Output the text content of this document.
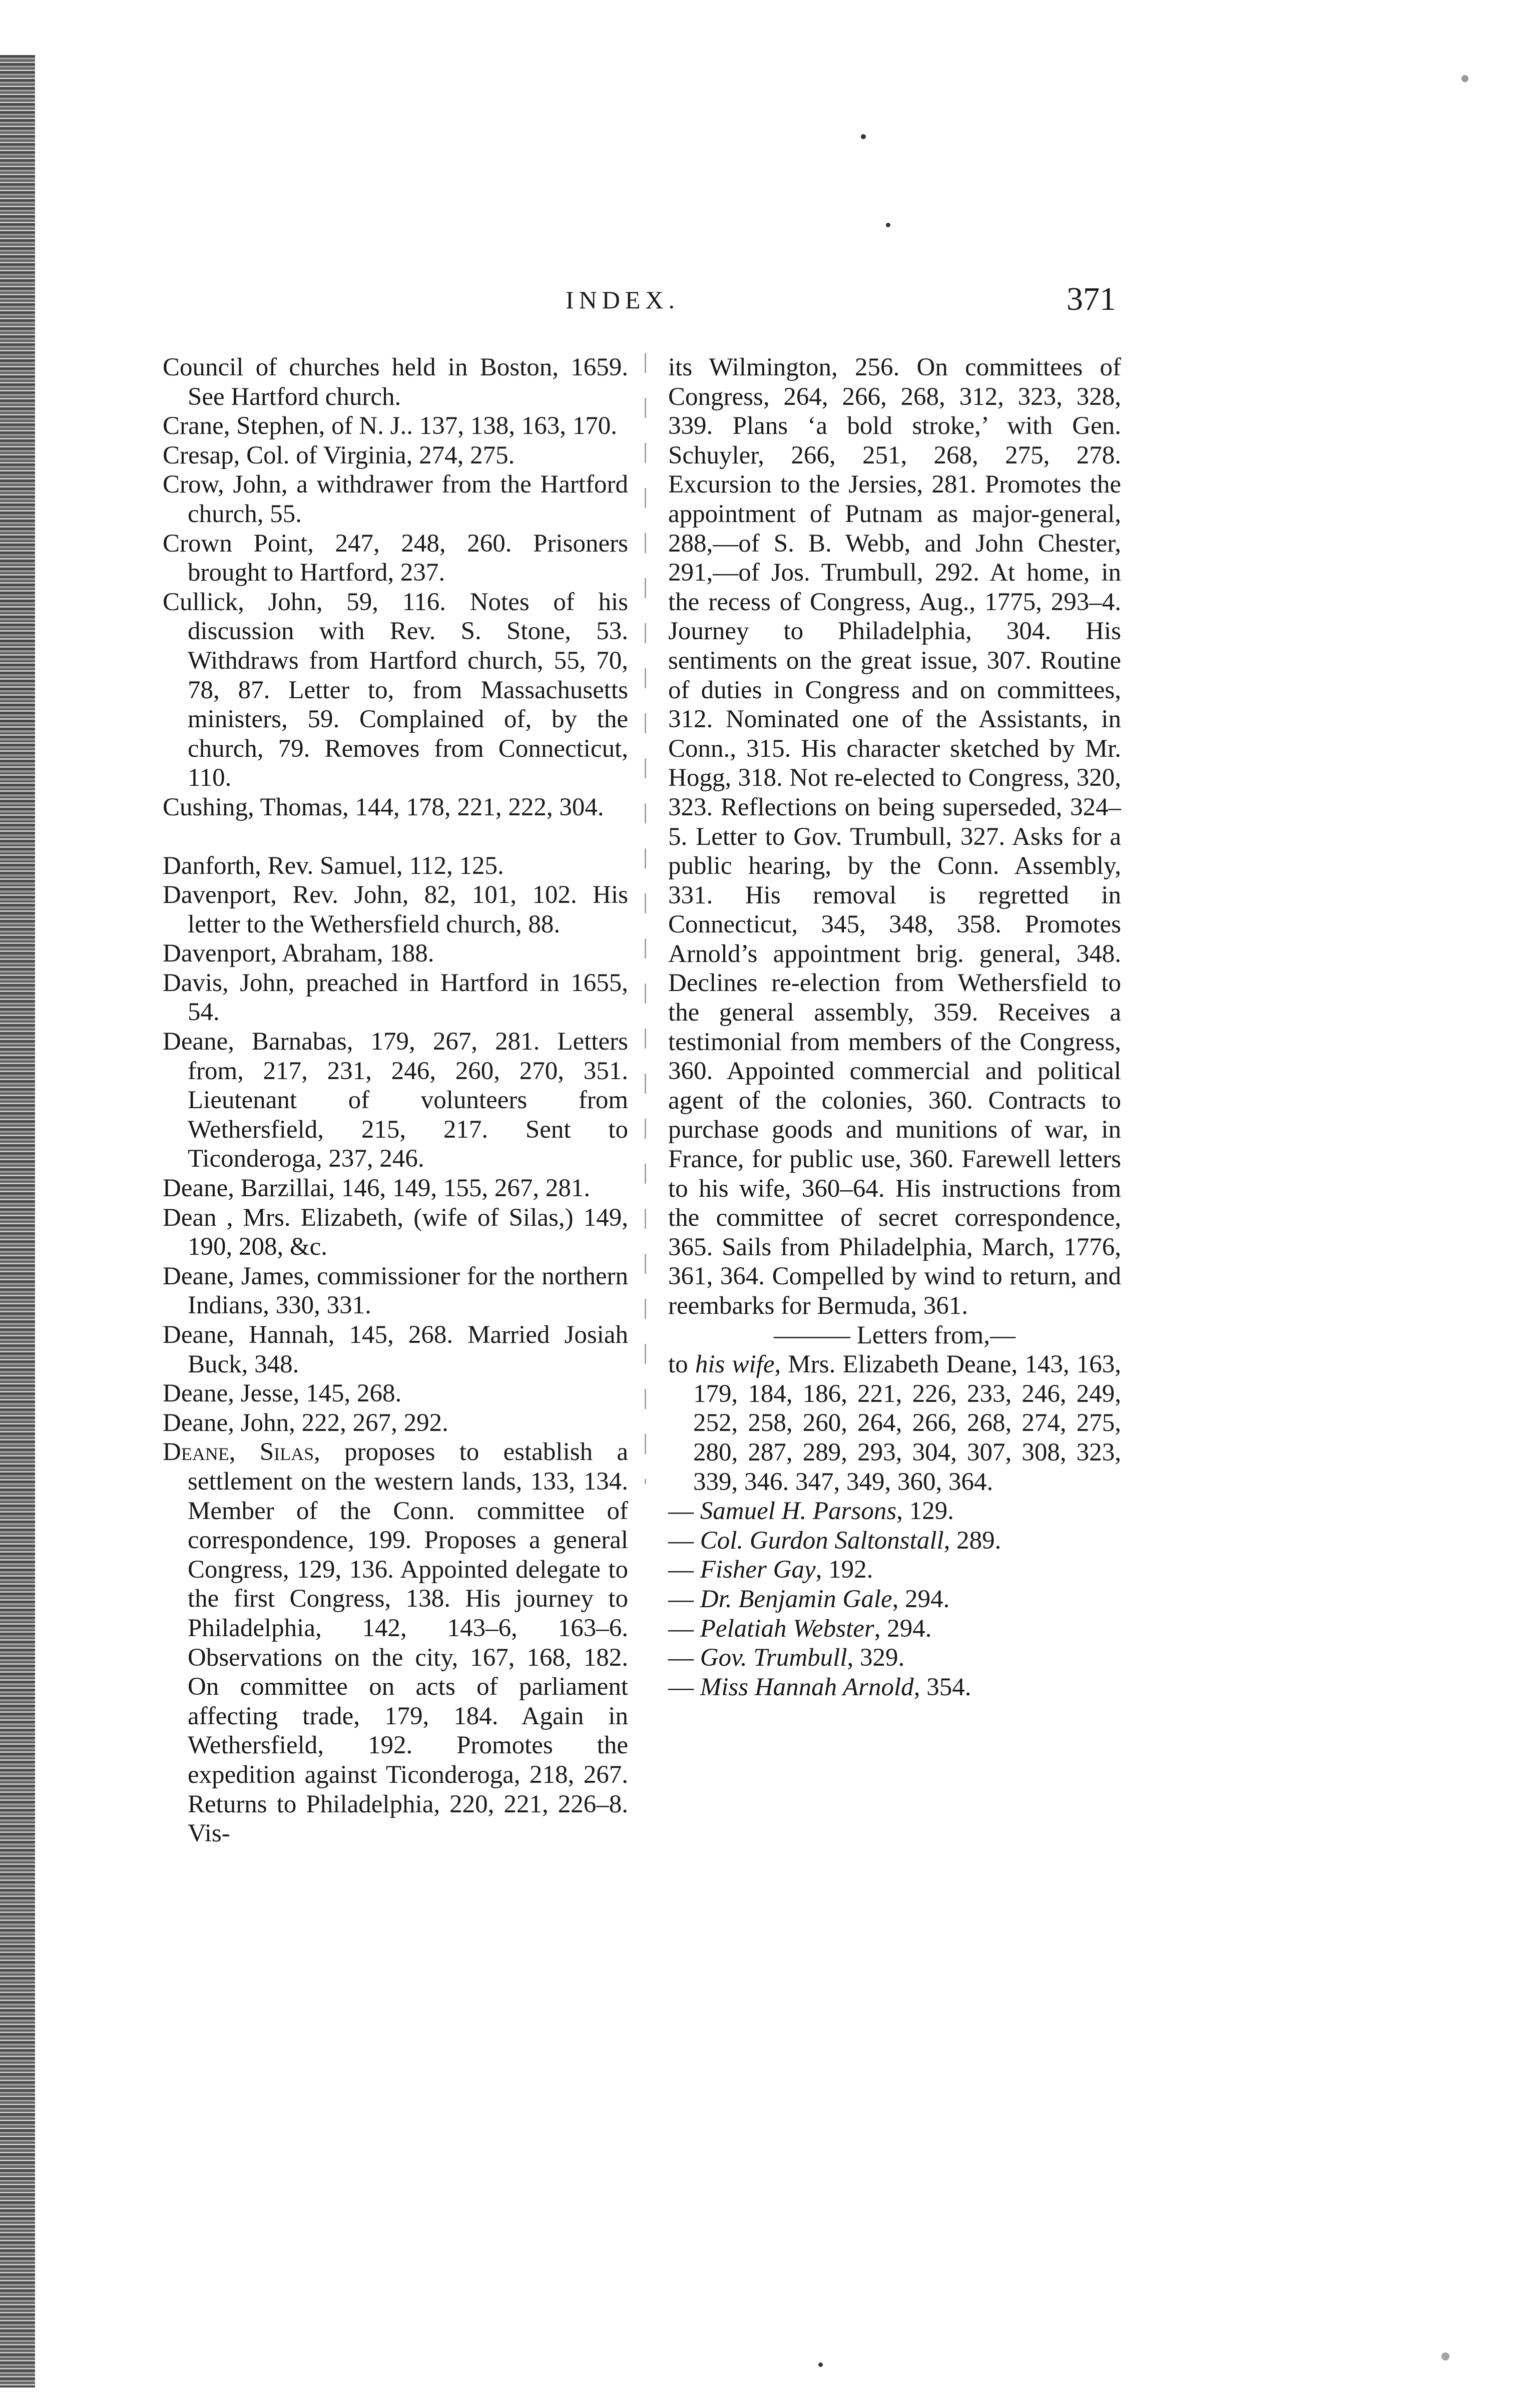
INDEX.	371
Council of churches held in Boston, 1659. See Hartford church.
Crane, Stephen, of N. J.. 137, 138, 163, 170.
Cresap, Col. of Virginia, 274, 275.
Crow, John, a withdrawer from the Hartford church, 55.
Crown Point, 247, 248, 260. Prisoners brought to Hartford, 237.
Cullick, John, 59, 116. Notes of his discussion with Rev. S. Stone, 53. Withdraws from Hartford church, 55, 70, 78, 87. Letter to, from Massachusetts ministers, 59. Complained of, by the church, 79. Removes from Connecticut, 110.
Cushing, Thomas, 144, 178, 221, 222, 304.
Danforth, Rev. Samuel, 112, 125.
Davenport, Rev. John, 82, 101, 102. His letter to the Wethersfield church, 88.
Davenport, Abraham, 188.
Davis, John, preached in Hartford in 1655, 54.
Deane, Barnabas, 179, 267, 281. Letters from, 217, 231, 246, 260, 270, 351. Lieutenant of volunteers from Wethersfield, 215, 217. Sent to Ticonderoga, 237, 246.
Deane, Barzillai, 146, 149, 155, 267, 281.
Dean , Mrs. Elizabeth, (wife of Silas,) 149, 190, 208, &c.
Deane, James, commissioner for the northern Indians, 330, 331.
Deane, Hannah, 145, 268. Married Josiah Buck, 348.
Deane, Jesse, 145, 268.
Deane, John, 222, 267, 292.
Deane, Silas, proposes to establish a settlement on the western lands, 133, 134. Member of the Conn. committee of correspondence, 199. Proposes a general Congress, 129, 136. Appointed delegate to the first Congress, 138. His journey to Philadelphia, 142, 143–6, 163–6. Observations on the city, 167, 168, 182. On committee on acts of parliament affecting trade, 179, 184. Again in Wethersfield, 192. Promotes the expedition against Ticonderoga, 218, 267. Returns to Philadelphia, 220, 221, 226–8. Vis-
its Wilmington, 256. On committees of Congress, 264, 266, 268, 312, 323, 328, 339. Plans ‘a bold stroke,’ with Gen. Schuyler, 266, 251, 268, 275, 278. Excursion to the Jersies, 281. Promotes the appointment of Putnam as major-general, 288,—of S. B. Webb, and John Chester, 291,—of Jos. Trumbull, 292. At home, in the recess of Congress, Aug., 1775, 293–4. Journey to Philadelphia, 304. His sentiments on the great issue, 307. Routine of duties in Congress and on committees, 312. Nominated one of the Assistants, in Conn., 315. His character sketched by Mr. Hogg, 318. Not re-elected to Congress, 320, 323. Reflections on being superseded, 324–5. Letter to Gov. Trumbull, 327. Asks for a public hearing, by the Conn. Assembly, 331. His removal is regretted in Connecticut, 345, 348, 358. Promotes Arnold’s appointment brig. general, 348. Declines re-election from Wethersfield to the general assembly, 359. Receives a testimonial from members of the Congress, 360. Appointed commercial and political agent of the colonies, 360. Contracts to purchase goods and munitions of war, in France, for public use, 360. Farewell letters to his wife, 360–64. His instructions from the committee of secret correspondence, 365. Sails from Philadelphia, March, 1776, 361, 364. Compelled by wind to return, and reembarks for Bermuda, 361.
——— Letters from,—
to his wife, Mrs. Elizabeth Deane, 143, 163, 179, 184, 186, 221, 226, 233, 246, 249, 252, 258, 260, 264, 266, 268, 274, 275, 280, 287, 289, 293, 304, 307, 308, 323, 339, 346. 347, 349, 360, 364.
— Samuel H. Parsons, 129.
— Col. Gurdon Saltonstall, 289.
— Fisher Gay, 192.
— Dr. Benjamin Gale, 294.
— Pelatiah Webster, 294.
— Gov. Trumbull, 329.
— Miss Hannah Arnold, 354.
